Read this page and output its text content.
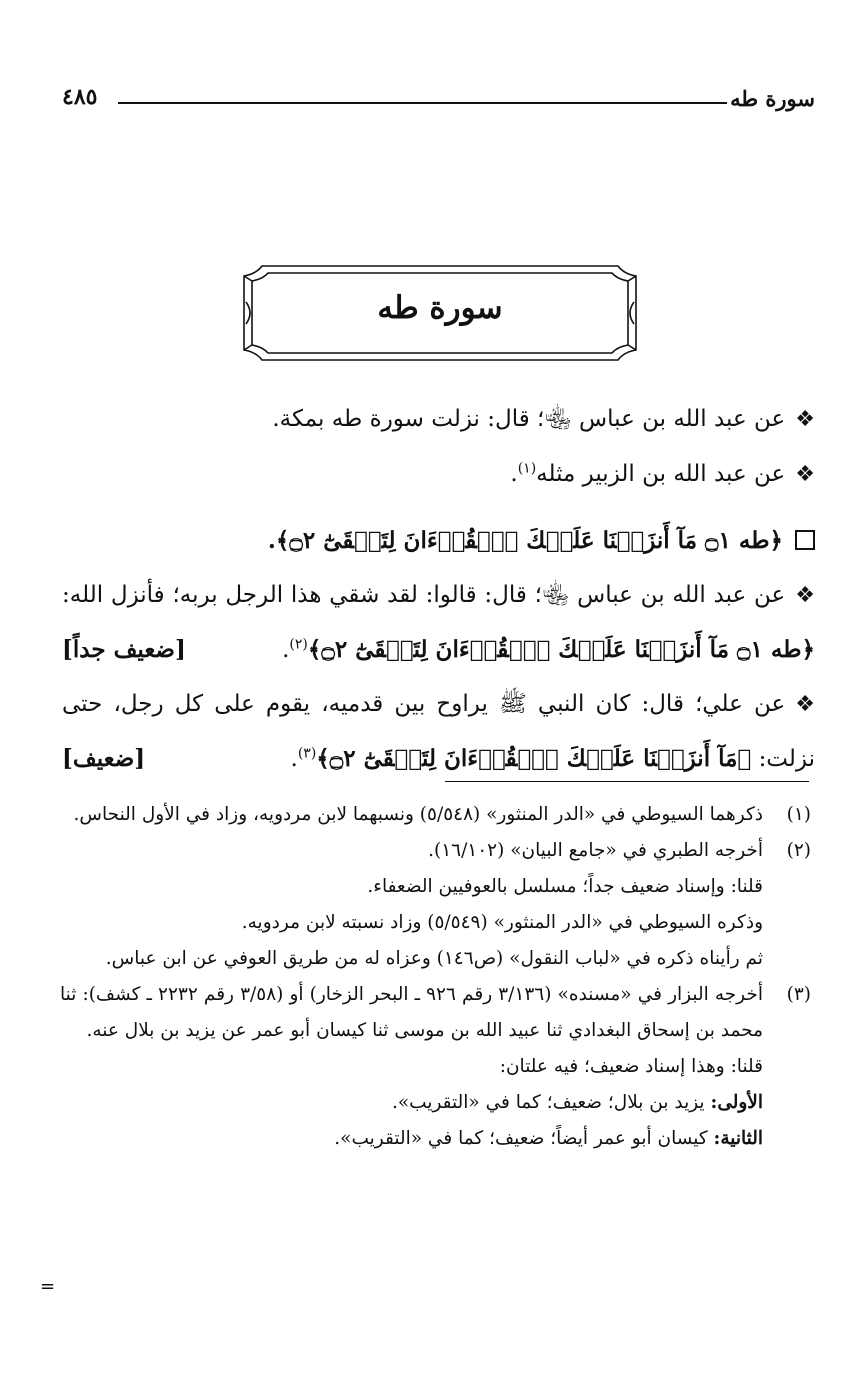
سورة طه
٤٨٥
سورة طه

❖عن عبد الله بن عباس ﵄؛ قال: نزلت سورة طه بمكة.

❖عن عبد الله بن الزبير مثله$^{(١)}$.

﴿طه ۝١ مَآ أَنزَلۡنَا عَلَيۡكَ ٱلۡقُرۡءَانَ لِتَشۡقَىٰٓ ۝٢﴾.

❖عن عبد الله بن عباس ﵄؛ قال: قالوا: لقد شقي هذا الرجل بربه؛ فأنزل الله: ﴿طه ۝١ مَآ أَنزَلۡنَا عَلَيۡكَ ٱلۡقُرۡءَانَ لِتَشۡقَىٰٓ ۝٢﴾$^{(٢)}$.
[ضعيف جداً]

❖عن علي؛ قال: كان النبي ﷺ يراوح بين قدميه، يقوم على كل رجل، حتى نزلت: ﴿مَآ أَنزَلۡنَا عَلَيۡكَ ٱلۡقُرۡءَانَ لِتَشۡقَىٰٓ ۝٢﴾$^{(٣)}$.
[ضعيف]

(١)
ذكرهما السيوطي في «الدر المنثور» (٥/٥٤٨) ونسبهما لابن مردويه، وزاد في الأول النحاس.
(٢)
أخرجه الطبري في «جامع البيان» (١٦/١٠٢).
قلنا: وإسناد ضعيف جداً؛ مسلسل بالعوفيين الضعفاء.
وذكره السيوطي في «الدر المنثور» (٥/٥٤٩) وزاد نسبته لابن مردويه.
ثم رأيناه ذكره في «لباب النقول» (ص١٤٦) وعزاه له من طريق العوفي عن ابن عباس.
(٣)
أخرجه البزار في «مسنده» (٣/١٣٦ رقم ٩٢٦ ـ البحر الزخار) أو (٣/٥٨ رقم ٢٢٣٢ ـ كشف): ثنا محمد بن إسحاق البغدادي ثنا عبيد الله بن موسى ثنا كيسان أبو عمر عن يزيد بن بلال عنه.
قلنا: وهذا إسناد ضعيف؛ فيه علتان:
الأولى: يزيد بن بلال؛ ضعيف؛ كما في «التقريب».
الثانية: كيسان أبو عمر أيضاً؛ ضعيف؛ كما في «التقريب».
=
